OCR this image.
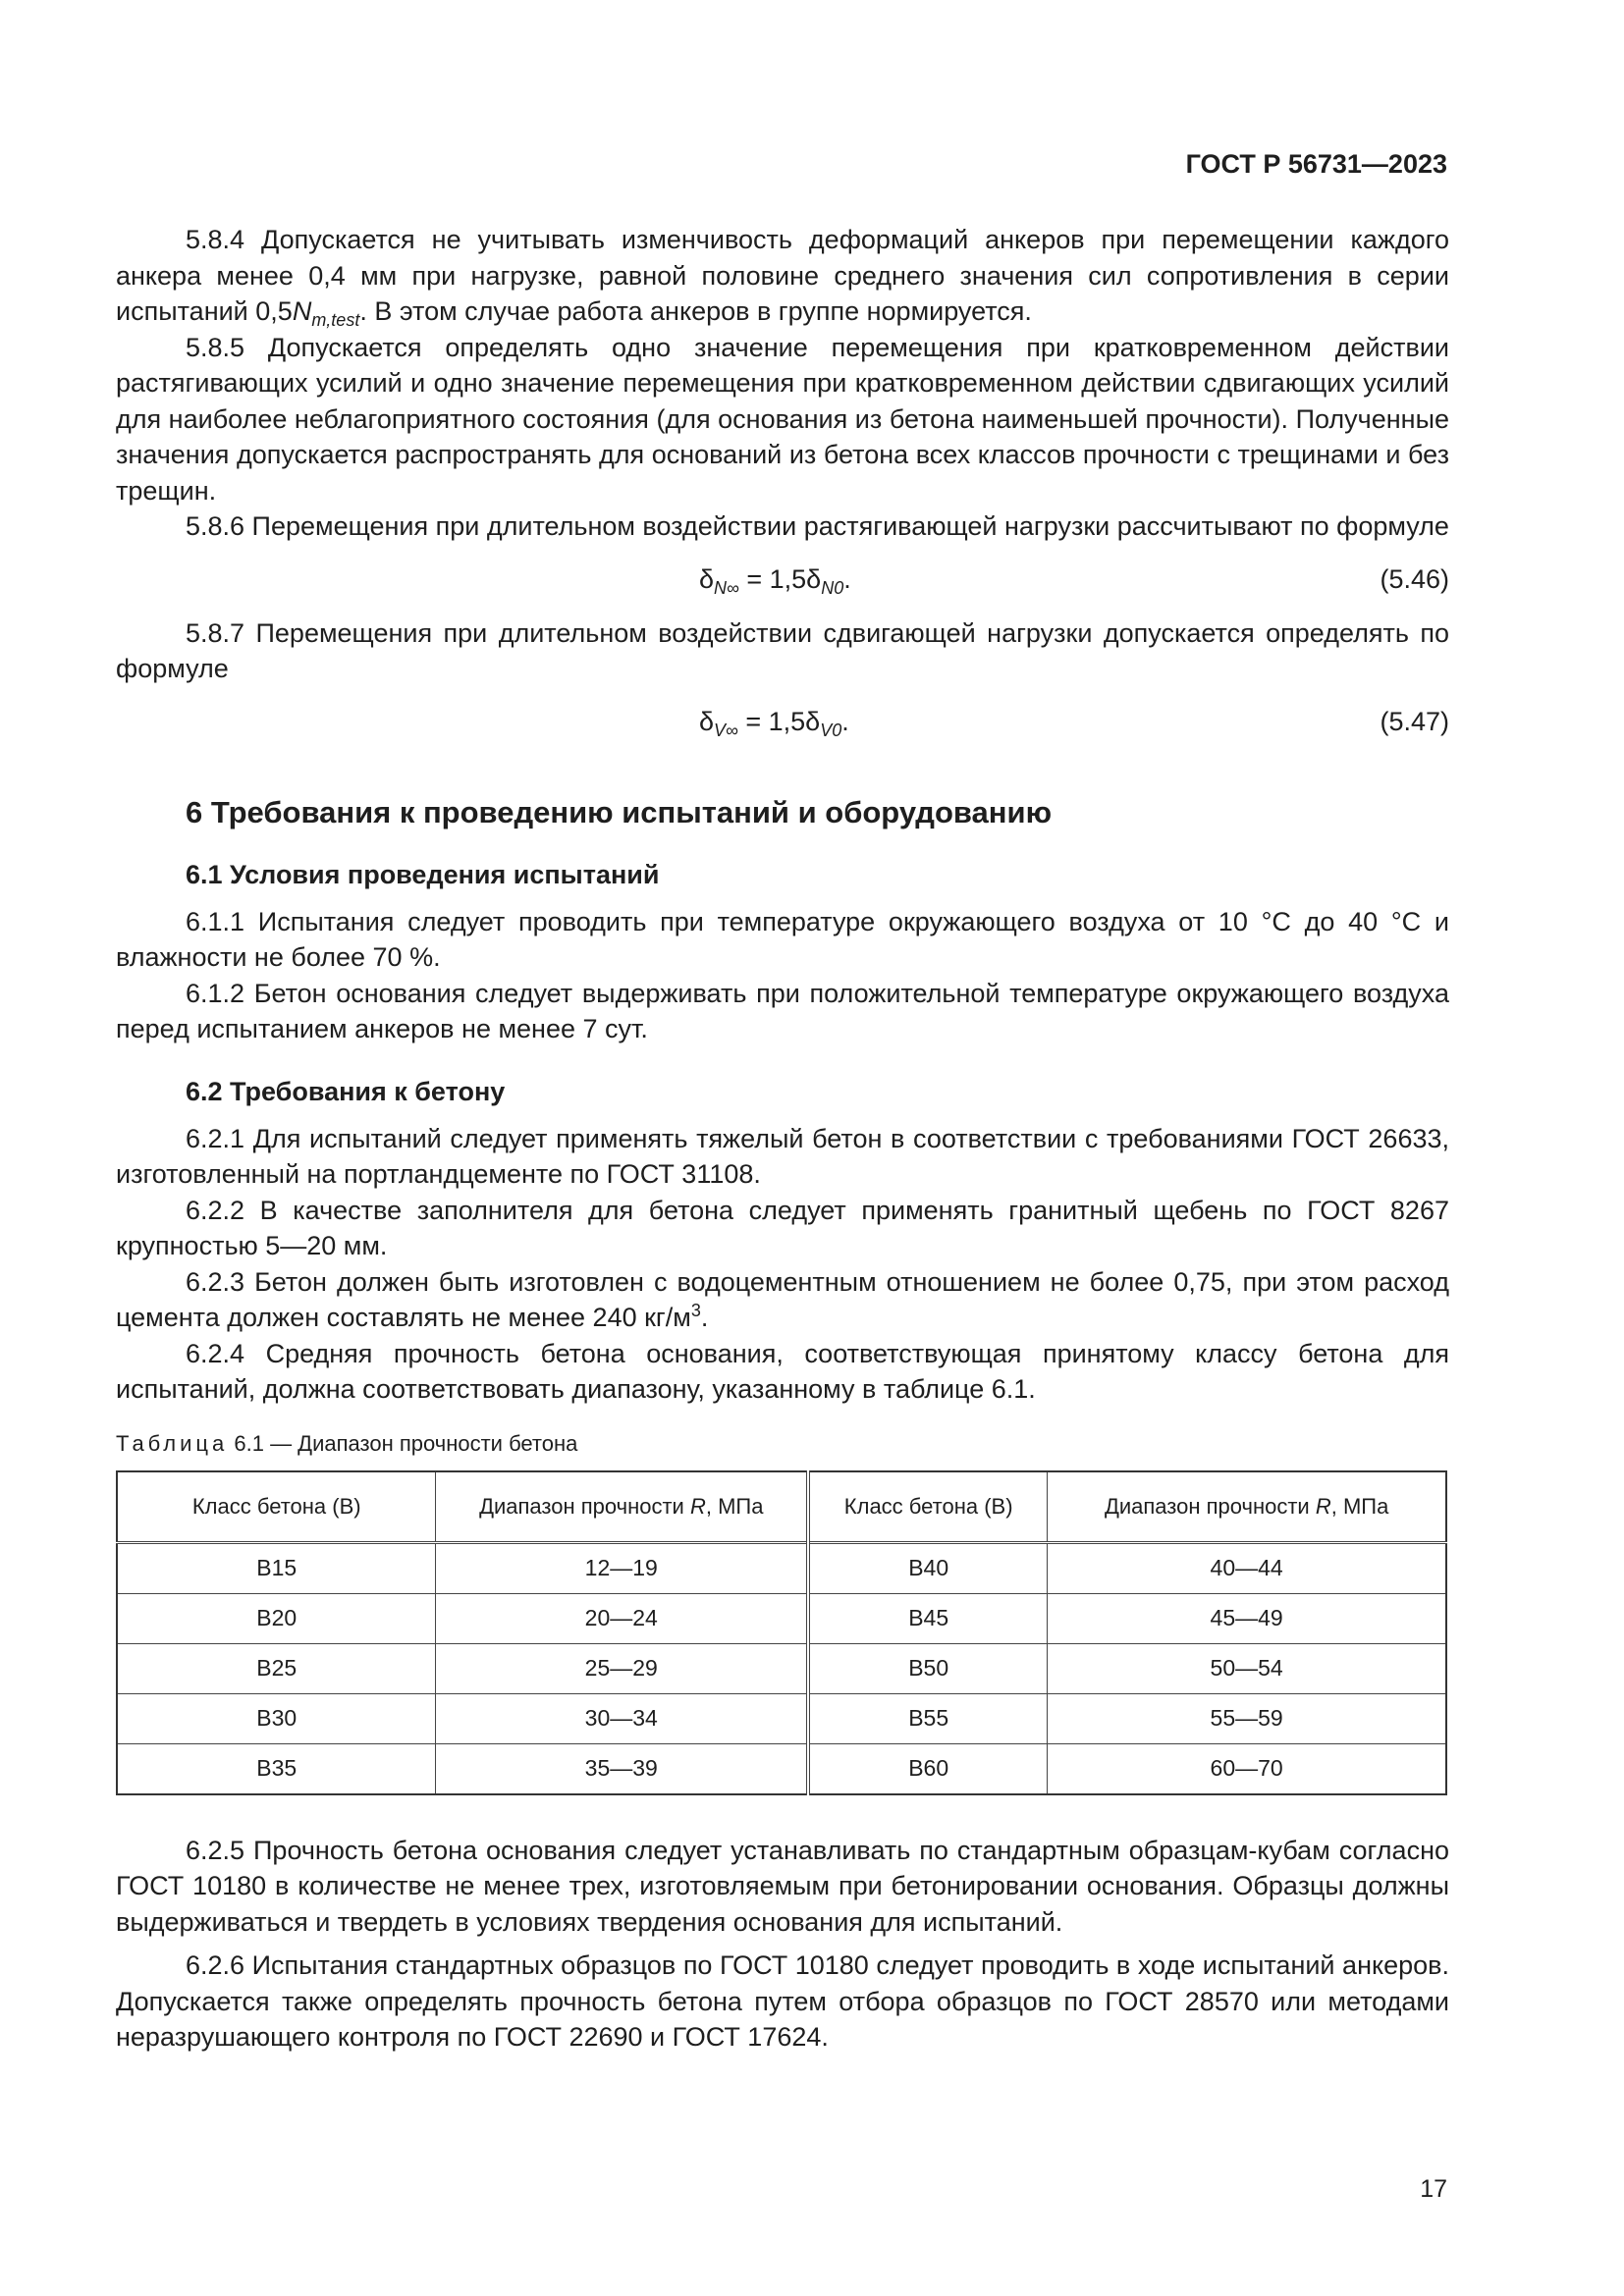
ГОСТ Р 56731—2023

5.8.4 Допускается не учитывать изменчивость деформаций анкеров при перемещении каждого анкера менее 0,4 мм при нагрузке, равной половине среднего значения сил сопротивления в серии испытаний $0,5N_{m,test}$. В этом случае работа анкеров в группе нормируется.

5.8.5 Допускается определять одно значение перемещения при кратковременном действии растягивающих усилий и одно значение перемещения при кратковременном действии сдвигающих усилий для наиболее неблагоприятного состояния (для основания из бетона наименьшей прочности). Полученные значения допускается распространять для оснований из бетона всех классов прочности с трещинами и без трещин.

5.8.6 Перемещения при длительном воздействии растягивающей нагрузки рассчитывают по формуле

$\delta_{N\infty} = 1,5\delta_{N0}$.	(5.46)

5.8.7 Перемещения при длительном воздействии сдвигающей нагрузки допускается определять по формуле

$\delta_{V\infty} = 1,5\delta_{V0}$.	(5.47)
6 Требования к проведению испытаний и оборудованию
6.1 Условия проведения испытаний

6.1.1 Испытания следует проводить при температуре окружающего воздуха от 10 °С до 40 °С и влажности не более 70 %.

6.1.2 Бетон основания следует выдерживать при положительной температуре окружающего воздуха перед испытанием анкеров не менее 7 сут.

6.2 Требования к бетону

6.2.1 Для испытаний следует применять тяжелый бетон в соответствии с требованиями ГОСТ 26633, изготовленный на портландцементе по ГОСТ 31108.

6.2.2 В качестве заполнителя для бетона следует применять гранитный щебень по ГОСТ 8267 крупностью 5—20 мм.

6.2.3 Бетон должен быть изготовлен с водоцементным отношением не более 0,75, при этом расход цемента должен составлять не менее 240 $кг/м^3$.

6.2.4 Средняя прочность бетона основания, соответствующая принятому классу бетона для испытаний, должна соответствовать диапазону, указанному в таблице 6.1.

Таблица 6.1 — Диапазон прочности бетона
Класс бетона (В)	Диапазон прочности R, МПа	Класс бетона (В)	Диапазон прочности R, МПа
В15	12—19	В40	40—44
В20	20—24	В45	45—49
В25	25—29	В50	50—54
В30	30—34	В55	55—59
В35	35—39	В60	60—70

6.2.5 Прочность бетона основания следует устанавливать по стандартным образцам-кубам согласно ГОСТ 10180 в количестве не менее трех, изготовляемым при бетонировании основания. Образцы должны выдерживаться и твердеть в условиях твердения основания для испытаний.

6.2.6 Испытания стандартных образцов по ГОСТ 10180 следует проводить в ходе испытаний анкеров. Допускается также определять прочность бетона путем отбора образцов по ГОСТ 28570 или методами неразрушающего контроля по ГОСТ 22690 и ГОСТ 17624.

17
